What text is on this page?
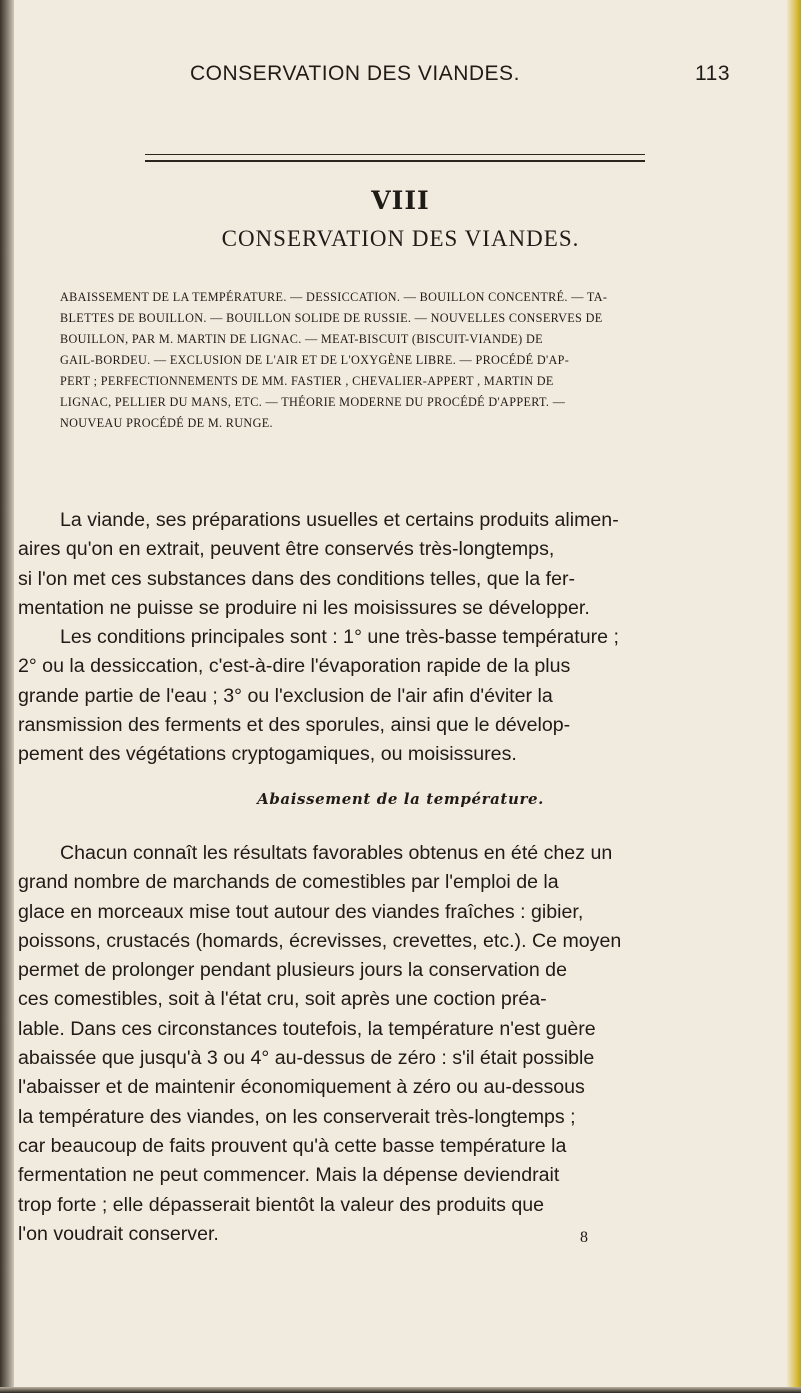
CONSERVATION DES VIANDES.	113
VIII
CONSERVATION DES VIANDES.
ABAISSEMENT DE LA TEMPÉRATURE. — DESSICCATION. — BOUILLON CONCENTRÉ. — TA-
BLETTES DE BOUILLON. — BOUILLON SOLIDE DE RUSSIE. — NOUVELLES CONSERVES DE
BOUILLON, PAR M. MARTIN DE LIGNAC. — MEAT-BISCUIT (BISCUIT-VIANDE) DE
GAIL-BORDEU. — EXCLUSION DE L'AIR ET DE L'OXYGÈNE LIBRE. — PROCÉDÉ D'AP-
PERT ; PERFECTIONNEMENTS DE MM. FASTIER , CHEVALIER-APPERT , MARTIN DE
LIGNAC, PELLIER DU MANS, ETC. — THÉORIE MODERNE DU PROCÉDÉ D'APPERT. —
NOUVEAU PROCÉDÉ DE M. RUNGE.
La viande, ses préparations usuelles et certains produits alimen-
aires qu'on en extrait, peuvent être conservés très-longtemps,
si l'on met ces substances dans des conditions telles, que la fer-
mentation ne puisse se produire ni les moisissures se développer.
Les conditions principales sont : 1° une très-basse température ;
2° ou la dessiccation, c'est-à-dire l'évaporation rapide de la plus
grande partie de l'eau ; 3° ou l'exclusion de l'air afin d'éviter la
ransmission des ferments et des sporules, ainsi que le dévelop-
pement des végétations cryptogamiques, ou moisissures.
Abaissement de la température.
Chacun connaît les résultats favorables obtenus en été chez un
grand nombre de marchands de comestibles par l'emploi de la
glace en morceaux mise tout autour des viandes fraîches : gibier,
poissons, crustacés (homards, écrevisses, crevettes, etc.). Ce moyen
permet de prolonger pendant plusieurs jours la conservation de
ces comestibles, soit à l'état cru, soit après une coction préa-
lable. Dans ces circonstances toutefois, la température n'est guère
abaissée que jusqu'à 3 ou 4° au-dessus de zéro : s'il était possible
l'abaisser et de maintenir économiquement à zéro ou au-dessous
la température des viandes, on les conserverait très-longtemps ;
car beaucoup de faits prouvent qu'à cette basse température la
fermentation ne peut commencer. Mais la dépense deviendrait
trop forte ; elle dépasserait bientôt la valeur des produits que
l'on voudrait conserver.	8
